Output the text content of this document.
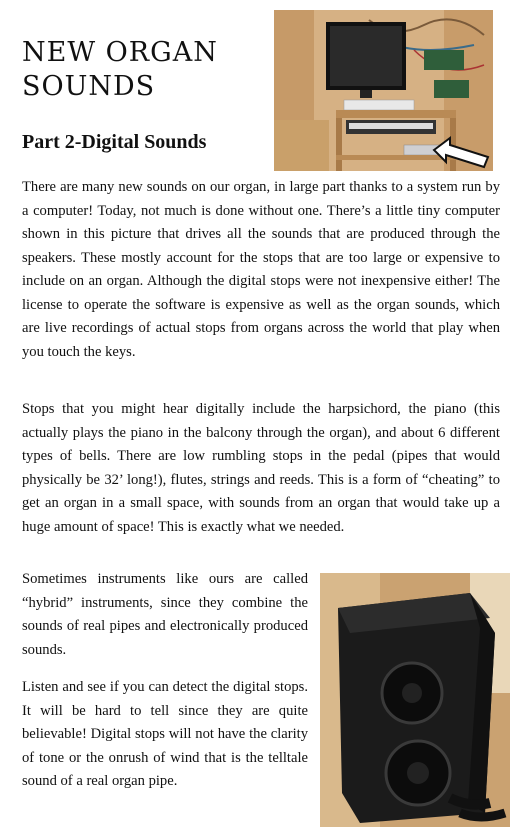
NEW ORGAN SOUNDS
Part 2-Digital Sounds

There are many new sounds on our organ, in large part thanks to a system run by a computer! Today, not much is done without one. There’s a little tiny computer shown in this picture that drives all the sounds that are produced through the speakers. These mostly account for the stops that are too large or expensive to include on an organ. Although the digital stops were not inexpensive either! The license to operate the software is expensive as well as the organ sounds, which are live recordings of actual stops from organs across the world that play when you touch the keys.

Stops that you might hear digitally include the harpsichord, the piano (this actually plays the piano in the balcony through the organ), and about 6 different types of bells. There are low rumbling stops in the pedal (pipes that would physically be 32’ long!), flutes, strings and reeds. This is a form of “cheating” to get an organ in a small space, with sounds from an organ that would take up a huge amount of space! This is exactly what we needed.

Sometimes instruments like ours are called “hybrid” instruments, since they combine the sounds of real pipes and electronically produced sounds.

Listen and see if you can detect the digital stops. It will be hard to tell since they are quite believable! Digital stops will not have the clarity of tone or the onrush of wind that is the telltale sound of a real organ pipe.
